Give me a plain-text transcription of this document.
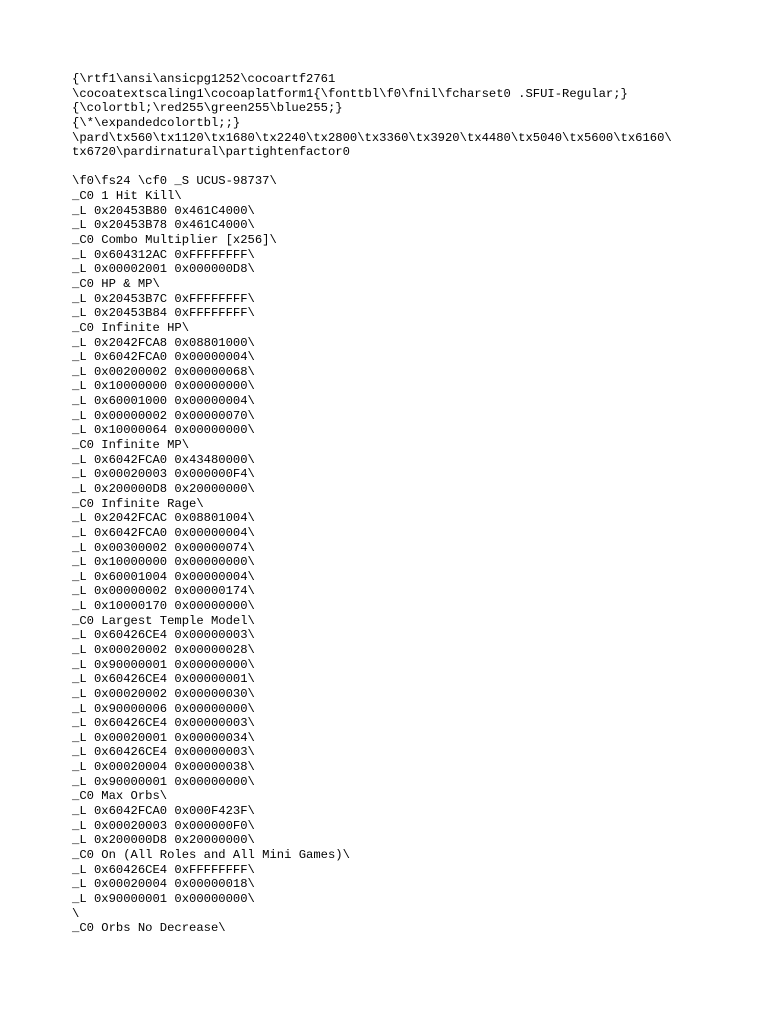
{\rtf1\ansi\ansicpg1252\cocoartf2761
\cocoatextscaling1\cocoaplatform1{\fonttbl\f0\fnil\fcharset0 .SFUI-Regular;}
{\colortbl;\red255\green255\blue255;}
{\*\expandedcolortbl;;}
\pard\tx560\tx1120\tx1680\tx2240\tx2800\tx3360\tx3920\tx4480\tx5040\tx5600\tx6160\
tx6720\pardirnatural\partightenfactor0
\f0\fs24 \cf0 _S UCUS-98737\
_C0 1 Hit Kill\
_L 0x20453B80 0x461C4000\
_L 0x20453B78 0x461C4000\
_C0 Combo Multiplier [x256]\
_L 0x604312AC 0xFFFFFFFF\
_L 0x00002001 0x000000D8\
_C0 HP & MP\
_L 0x20453B7C 0xFFFFFFFF\
_L 0x20453B84 0xFFFFFFFF\
_C0 Infinite HP\
_L 0x2042FCA8 0x08801000\
_L 0x6042FCA0 0x00000004\
_L 0x00200002 0x00000068\
_L 0x10000000 0x00000000\
_L 0x60001000 0x00000004\
_L 0x00000002 0x00000070\
_L 0x10000064 0x00000000\
_C0 Infinite MP\
_L 0x6042FCA0 0x43480000\
_L 0x00020003 0x000000F4\
_L 0x200000D8 0x20000000\
_C0 Infinite Rage\
_L 0x2042FCAC 0x08801004\
_L 0x6042FCA0 0x00000004\
_L 0x00300002 0x00000074\
_L 0x10000000 0x00000000\
_L 0x60001004 0x00000004\
_L 0x00000002 0x00000174\
_L 0x10000170 0x00000000\
_C0 Largest Temple Model\
_L 0x60426CE4 0x00000003\
_L 0x00020002 0x00000028\
_L 0x90000001 0x00000000\
_L 0x60426CE4 0x00000001\
_L 0x00020002 0x00000030\
_L 0x90000006 0x00000000\
_L 0x60426CE4 0x00000003\
_L 0x00020001 0x00000034\
_L 0x60426CE4 0x00000003\
_L 0x00020004 0x00000038\
_L 0x90000001 0x00000000\
_C0 Max Orbs\
_L 0x6042FCA0 0x000F423F\
_L 0x00020003 0x000000F0\
_L 0x200000D8 0x20000000\
_C0 On (All Roles and All Mini Games)\
_L 0x60426CE4 0xFFFFFFFF\
_L 0x00020004 0x00000018\
_L 0x90000001 0x00000000\
\
_C0 Orbs No Decrease\
